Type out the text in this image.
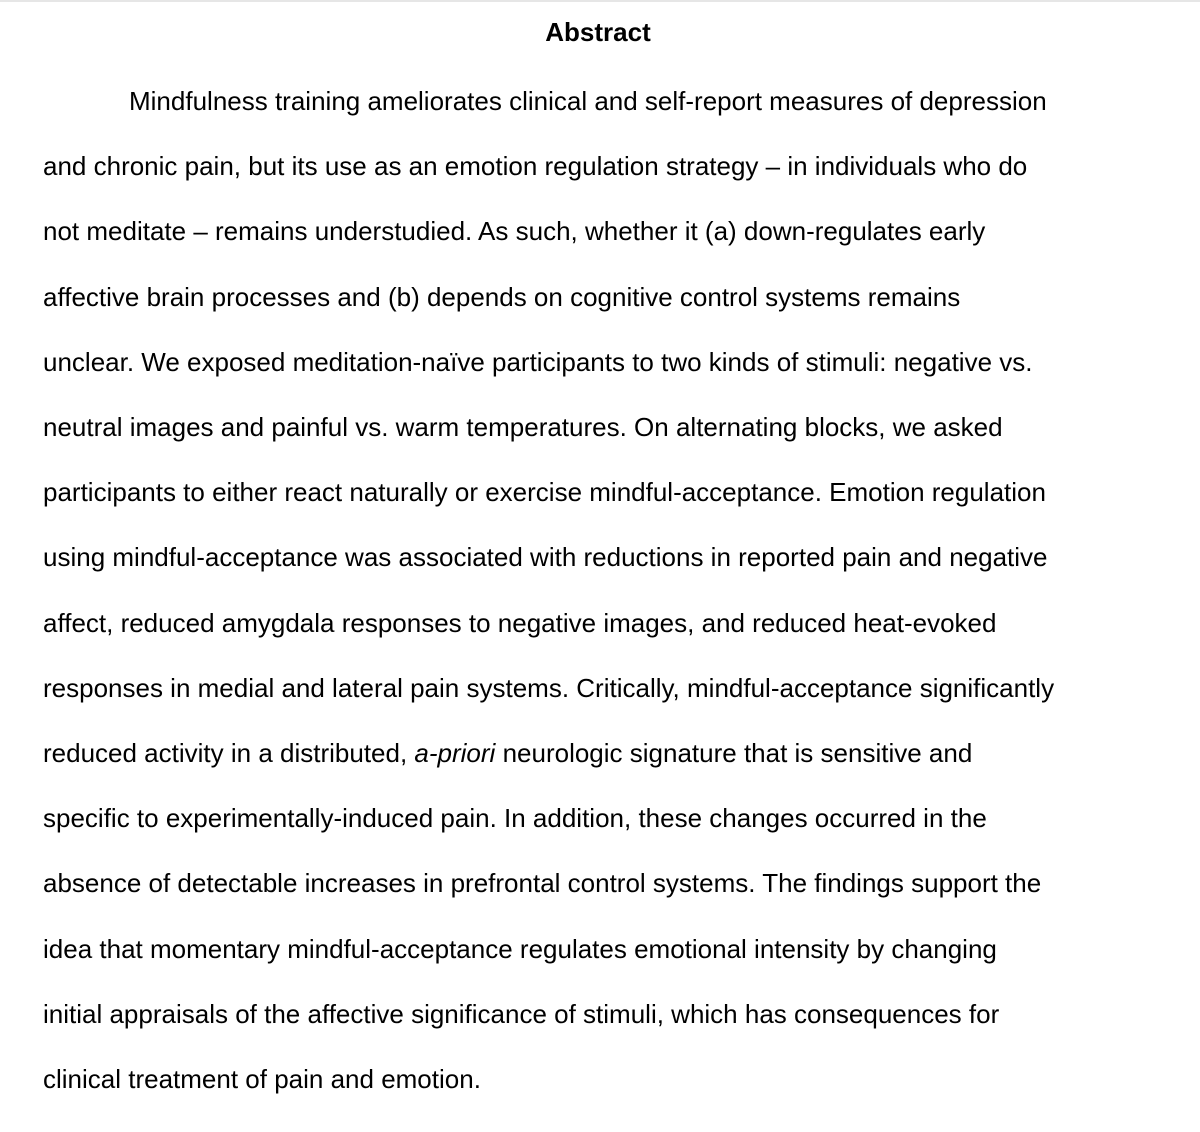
Abstract
Mindfulness training ameliorates clinical and self-report measures of depression
and chronic pain, but its use as an emotion regulation strategy – in individuals who do
not meditate – remains understudied. As such, whether it (a) down-regulates early
affective brain processes and (b) depends on cognitive control systems remains
unclear. We exposed meditation-naïve participants to two kinds of stimuli: negative vs.
neutral images and painful vs. warm temperatures. On alternating blocks, we asked
participants to either react naturally or exercise mindful-acceptance. Emotion regulation
using mindful-acceptance was associated with reductions in reported pain and negative
affect, reduced amygdala responses to negative images, and reduced heat-evoked
responses in medial and lateral pain systems. Critically, mindful-acceptance significantly
reduced activity in a distributed, a-priori neurologic signature that is sensitive and
specific to experimentally-induced pain. In addition, these changes occurred in the
absence of detectable increases in prefrontal control systems. The findings support the
idea that momentary mindful-acceptance regulates emotional intensity by changing
initial appraisals of the affective significance of stimuli, which has consequences for
clinical treatment of pain and emotion.
